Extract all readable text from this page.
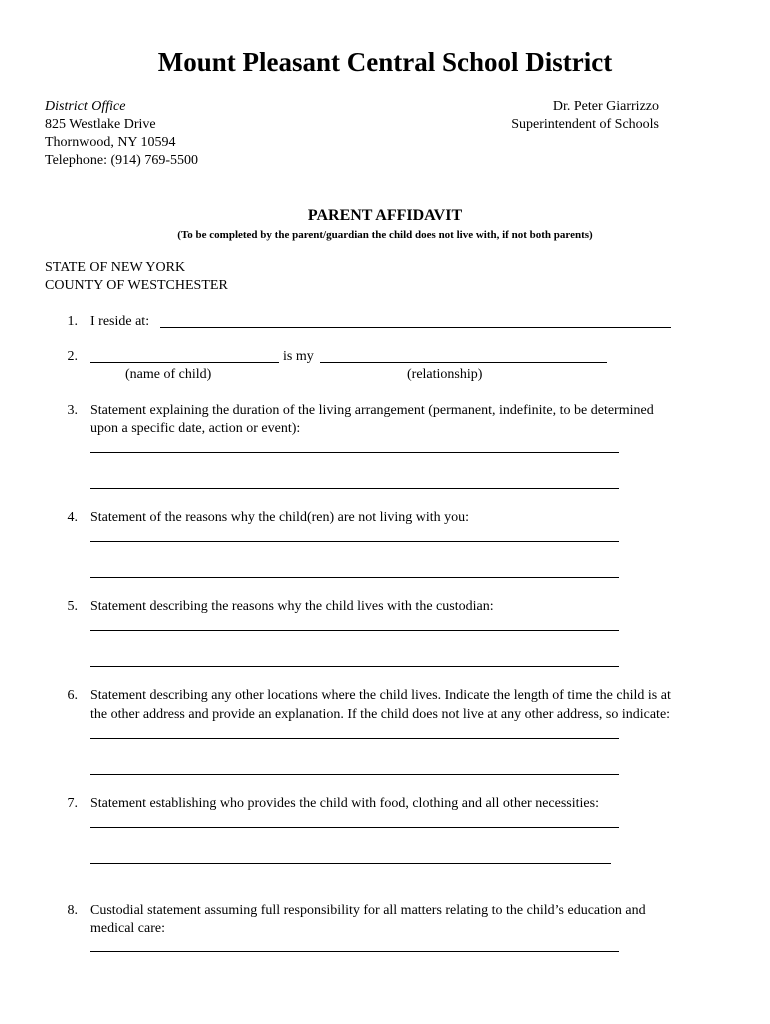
Mount Pleasant Central School District
District Office
825 Westlake Drive
Thornwood, NY 10594
Telephone: (914) 769-5500
Dr. Peter Giarrizzo
Superintendent of Schools
PARENT AFFIDAVIT
(To be completed by the parent/guardian the child does not live with, if not both parents)
STATE OF NEW YORK
COUNTY OF WESTCHESTER
1. I reside at:
2.	is my
(name of child)	(relationship)
3. Statement explaining the duration of the living arrangement (permanent, indefinite, to be determined
upon a specific date, action or event):
4. Statement of the reasons why the child(ren) are not living with you:
5. Statement describing the reasons why the child lives with the custodian:
6. Statement describing any other locations where the child lives. Indicate the length of time the child is at
the other address and provide an explanation. If the child does not live at any other address, so indicate:
7. Statement establishing who provides the child with food, clothing and all other necessities:
8. Custodial statement assuming full responsibility for all matters relating to the child’s education and
medical care:
